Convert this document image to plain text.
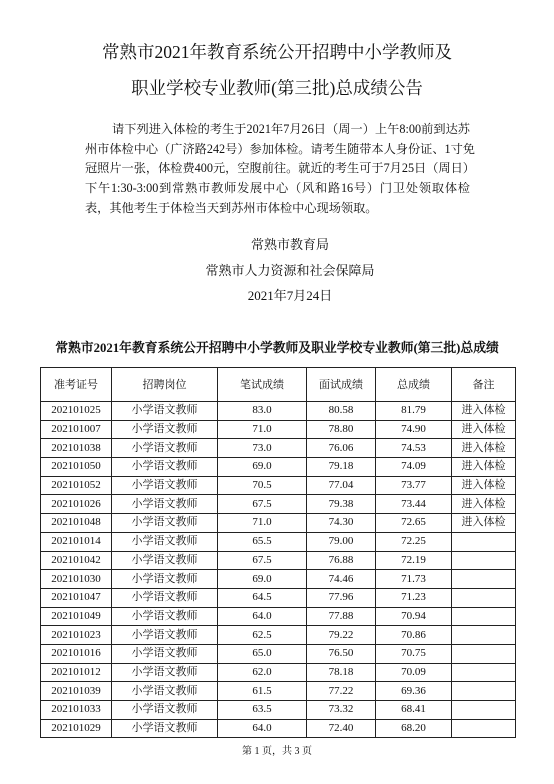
常熟市2021年教育系统公开招聘中小学教师及
职业学校专业教师(第三批)总成绩公告
请下列进入体检的考生于2021年7月26日（周一）上午8:00前到达苏
州市体检中心（广济路242号）参加体检。请考生随带本人身份证、1寸免
冠照片一张，体检费400元，空腹前往。就近的考生可于7月25日（周日）
下午1:30-3:00到常熟市教师发展中心（风和路16号）门卫处领取体检
表，其他考生于体检当天到苏州市体检中心现场领取。
常熟市教育局
常熟市人力资源和社会保障局
2021年7月24日
常熟市2021年教育系统公开招聘中小学教师及职业学校专业教师(第三批)总成绩
准考证号	招聘岗位	笔试成绩	面试成绩	总成绩	备注
202101025	小学语文教师	83.0	80.58	81.79	进入体检
202101007	小学语文教师	71.0	78.80	74.90	进入体检
202101038	小学语文教师	73.0	76.06	74.53	进入体检
202101050	小学语文教师	69.0	79.18	74.09	进入体检
202101052	小学语文教师	70.5	77.04	73.77	进入体检
202101026	小学语文教师	67.5	79.38	73.44	进入体检
202101048	小学语文教师	71.0	74.30	72.65	进入体检
202101014	小学语文教师	65.5	79.00	72.25	
202101042	小学语文教师	67.5	76.88	72.19	
202101030	小学语文教师	69.0	74.46	71.73	
202101047	小学语文教师	64.5	77.96	71.23	
202101049	小学语文教师	64.0	77.88	70.94	
202101023	小学语文教师	62.5	79.22	70.86	
202101016	小学语文教师	65.0	76.50	70.75	
202101012	小学语文教师	62.0	78.18	70.09	
202101039	小学语文教师	61.5	77.22	69.36	
202101033	小学语文教师	63.5	73.32	68.41	
202101029	小学语文教师	64.0	72.40	68.20	
第 1 页，共 3 页
